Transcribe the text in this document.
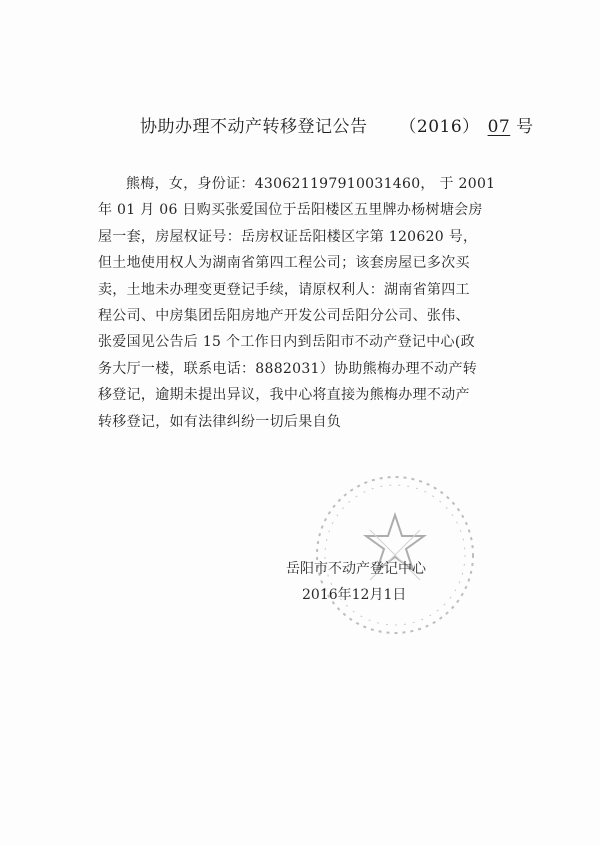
协助办理不动产转移登记公告 （2016） 07 号
熊梅，女，身份证：430621197910031460， 于 2001
年 01 月 06 日购买张爱国位于岳阳楼区五里牌办杨树塘会房
屋一套，房屋权证号：岳房权证岳阳楼区字第 120620 号，
但土地使用权人为湖南省第四工程公司；该套房屋已多次买
卖，土地未办理变更登记手续，请原权利人：湖南省第四工
程公司、中房集团岳阳房地产开发公司岳阳分公司、张伟、
张爱国见公告后 15 个工作日内到岳阳市不动产登记中心(政
务大厅一楼，联系电话：8882031）协助熊梅办理不动产转
移登记，逾期未提出异议，我中心将直接为熊梅办理不动产
转移登记，如有法律纠纷一切后果自负
岳阳市不动产登记中心
2016年12月1日
